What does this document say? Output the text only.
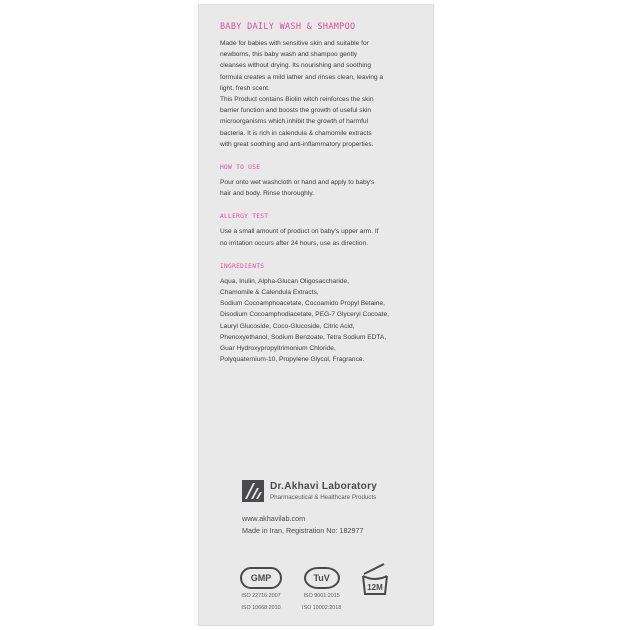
BABY DAILY WASH & SHAMPOO

Made for babies with sensitive skin and suitable for
newborns, this baby wash and shampoo gently
cleanses without drying. Its nourishing and soothing
formula creates a mild lather and rinses clean, leaving a
light, fresh scent.
This Product contains Biolin witch reinforces the skin
barrier function and boosts the growth of useful skin
microorganisms which inhibit the growth of harmful
bacteria. It is rich in calendula & chamomile extracts
with great soothing and anti-inflammatory properties.

HOW TO USE

Pour onto wet washcloth or hand and apply to baby's
hair and body. Rinse thoroughly.

ALLERGY TEST

Use a small amount of product on baby's upper arm. If
no irritation occurs after 24 hours, use as direction.

INGREDIENTS

Aqua, Inulin, Alpha-Glucan Oligosaccharide,
Chamomile & Calendula Extracts,
Sodium Cocoamphoacetate, Cocoamido Propyl Betaine,
Disodium Cocoamphodiacetate, PEG-7 Glyceryl Cocoate,
Lauryl Glucoside, Coco-Glucoside, Citric Acid,
Phenoxyethanol, Sodium Benzoate, Tetra Sodium EDTA,
Guar Hydroxypropyltrimonium Chloride,
Polyquaternium-10, Propylene Glycol, Fragrance.
Dr.Akhavi Laboratory
Pharmaceutical & Healthcare Products
www.akhavilab.com
Made in Iran, Registration No: 182977
GMP
ISO 22716:2007
ISO 10668:2010
TuV
ISO 9001:2015
ISO 10002:2018
12M
